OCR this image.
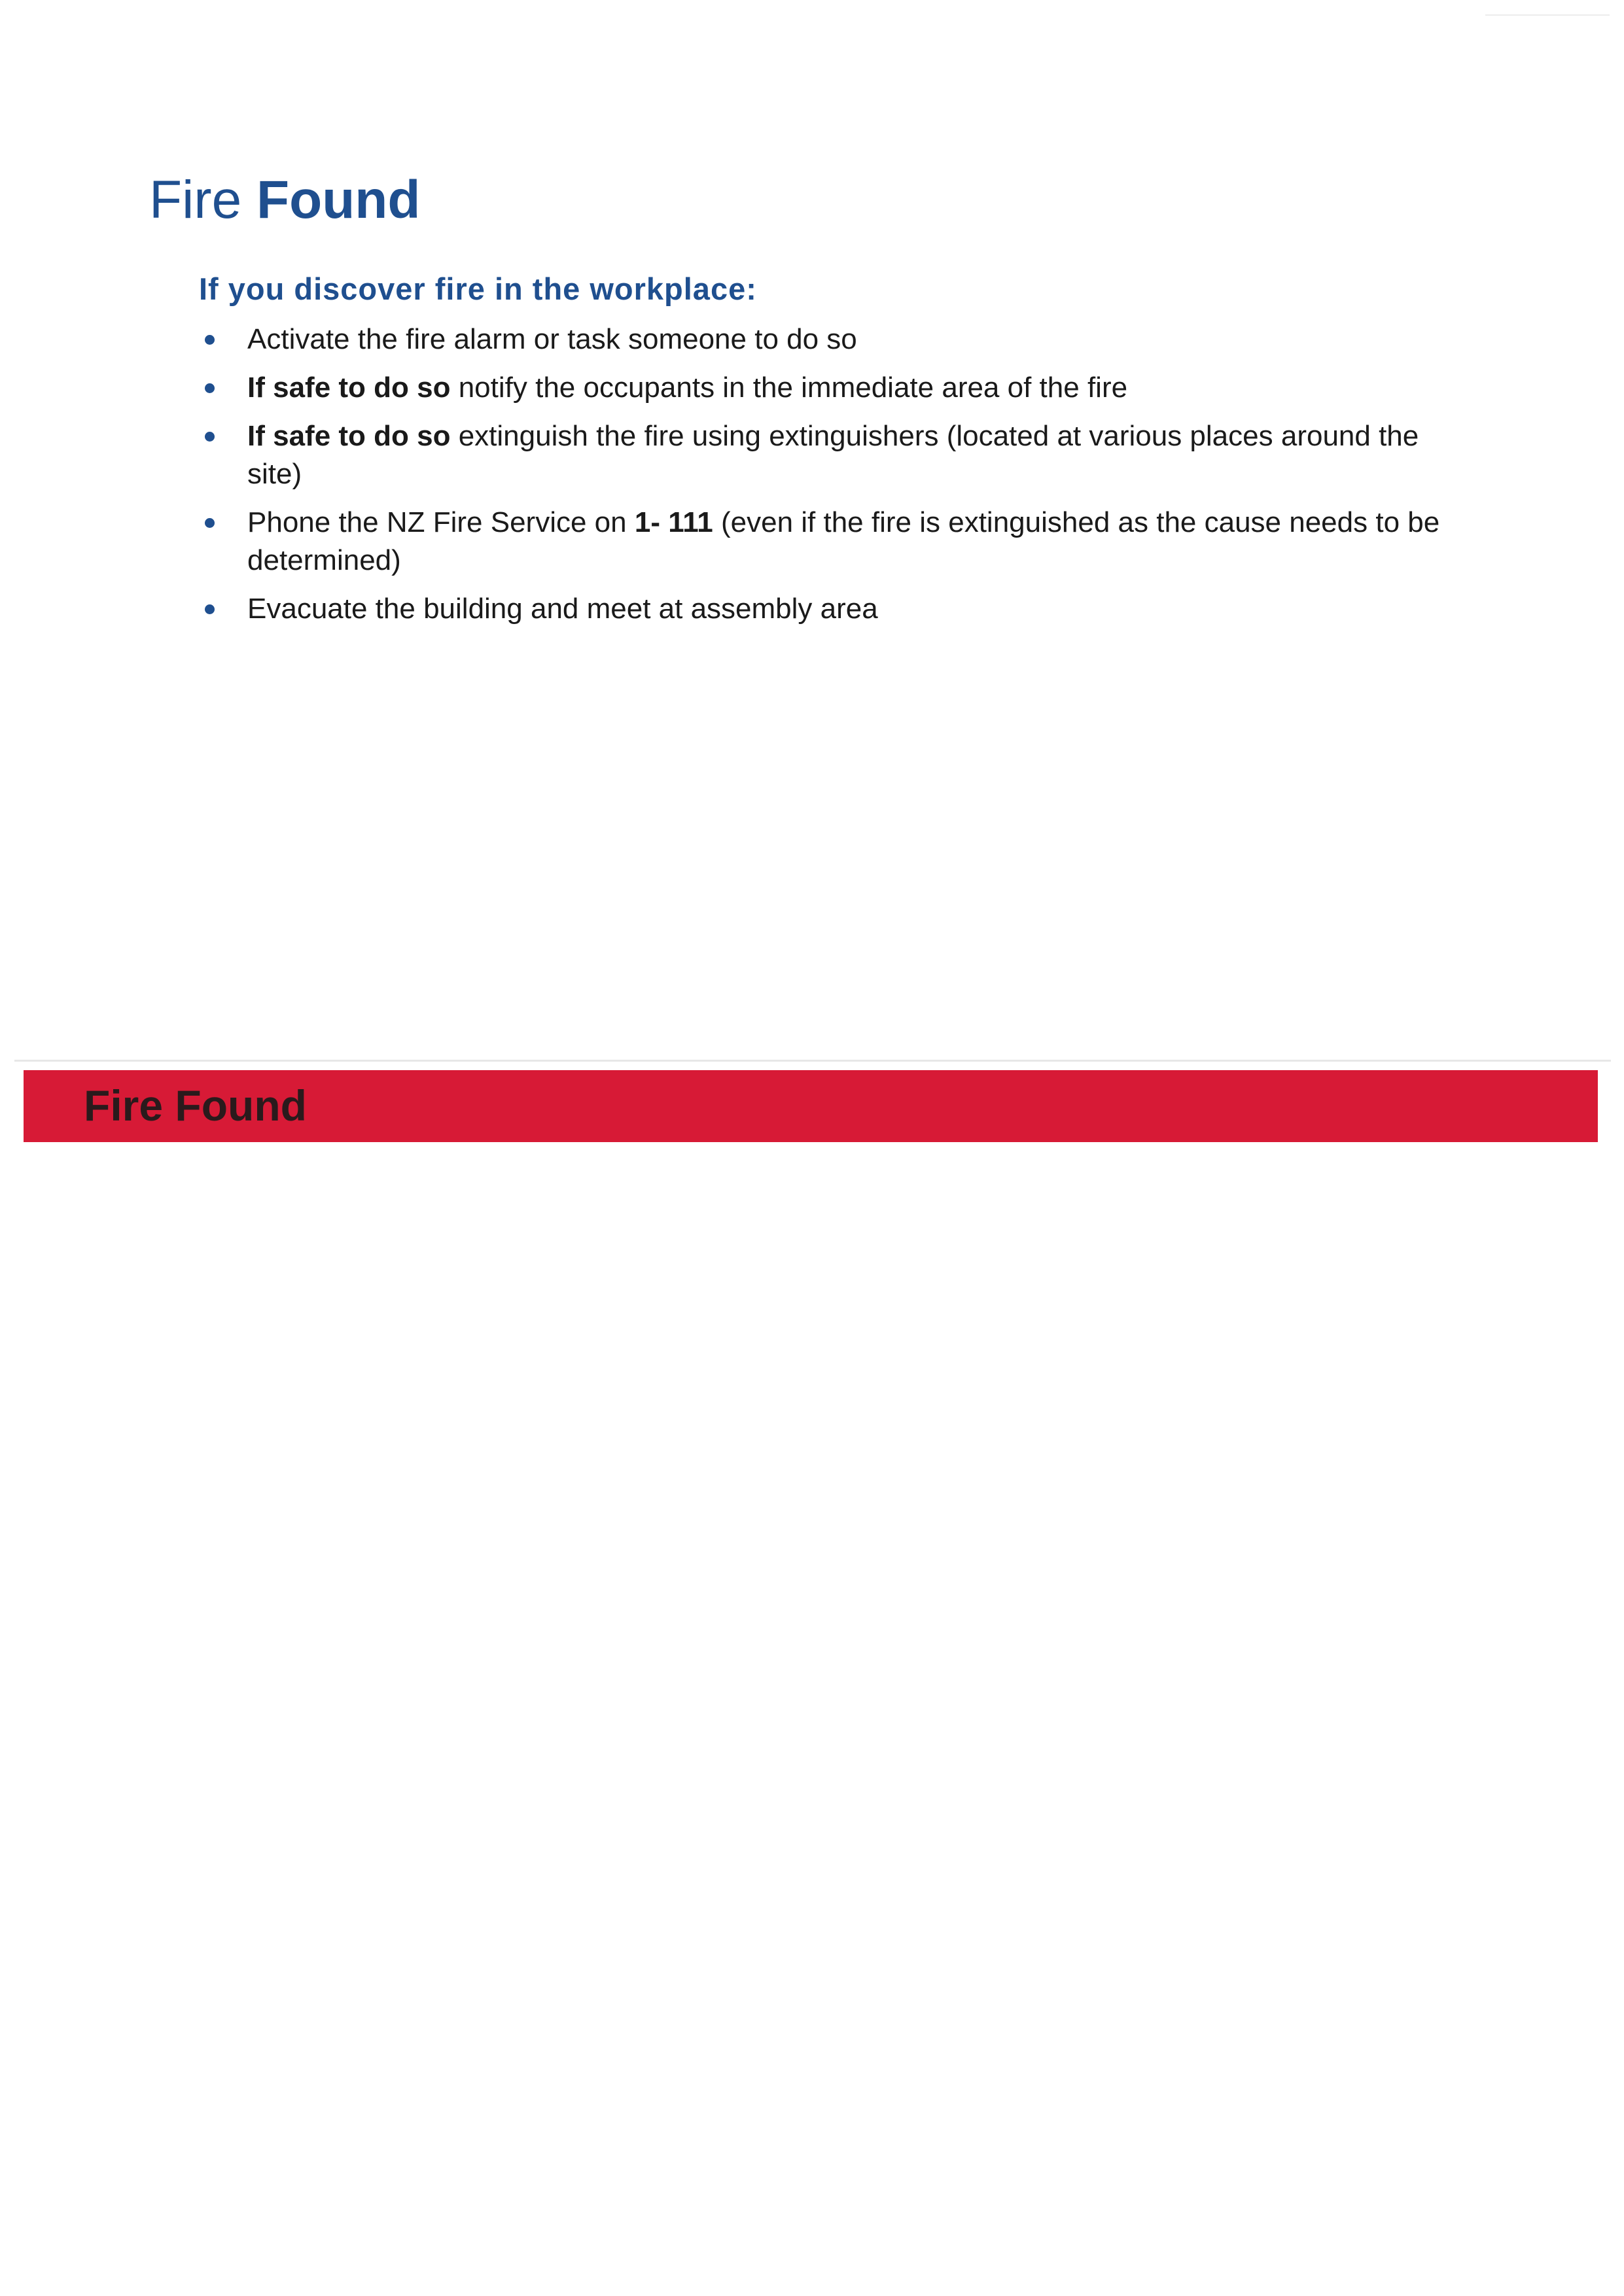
Fire Found
If you discover fire in the workplace:
Activate the fire alarm or task someone to do so
If safe to do so notify the occupants in the immediate area of the fire
If safe to do so extinguish the fire using extinguishers (located at various places around the site)
Phone the NZ Fire Service on 1- 111 (even if the fire is extinguished as the cause needs to be determined)
Evacuate the building and meet at assembly area
Fire Found
